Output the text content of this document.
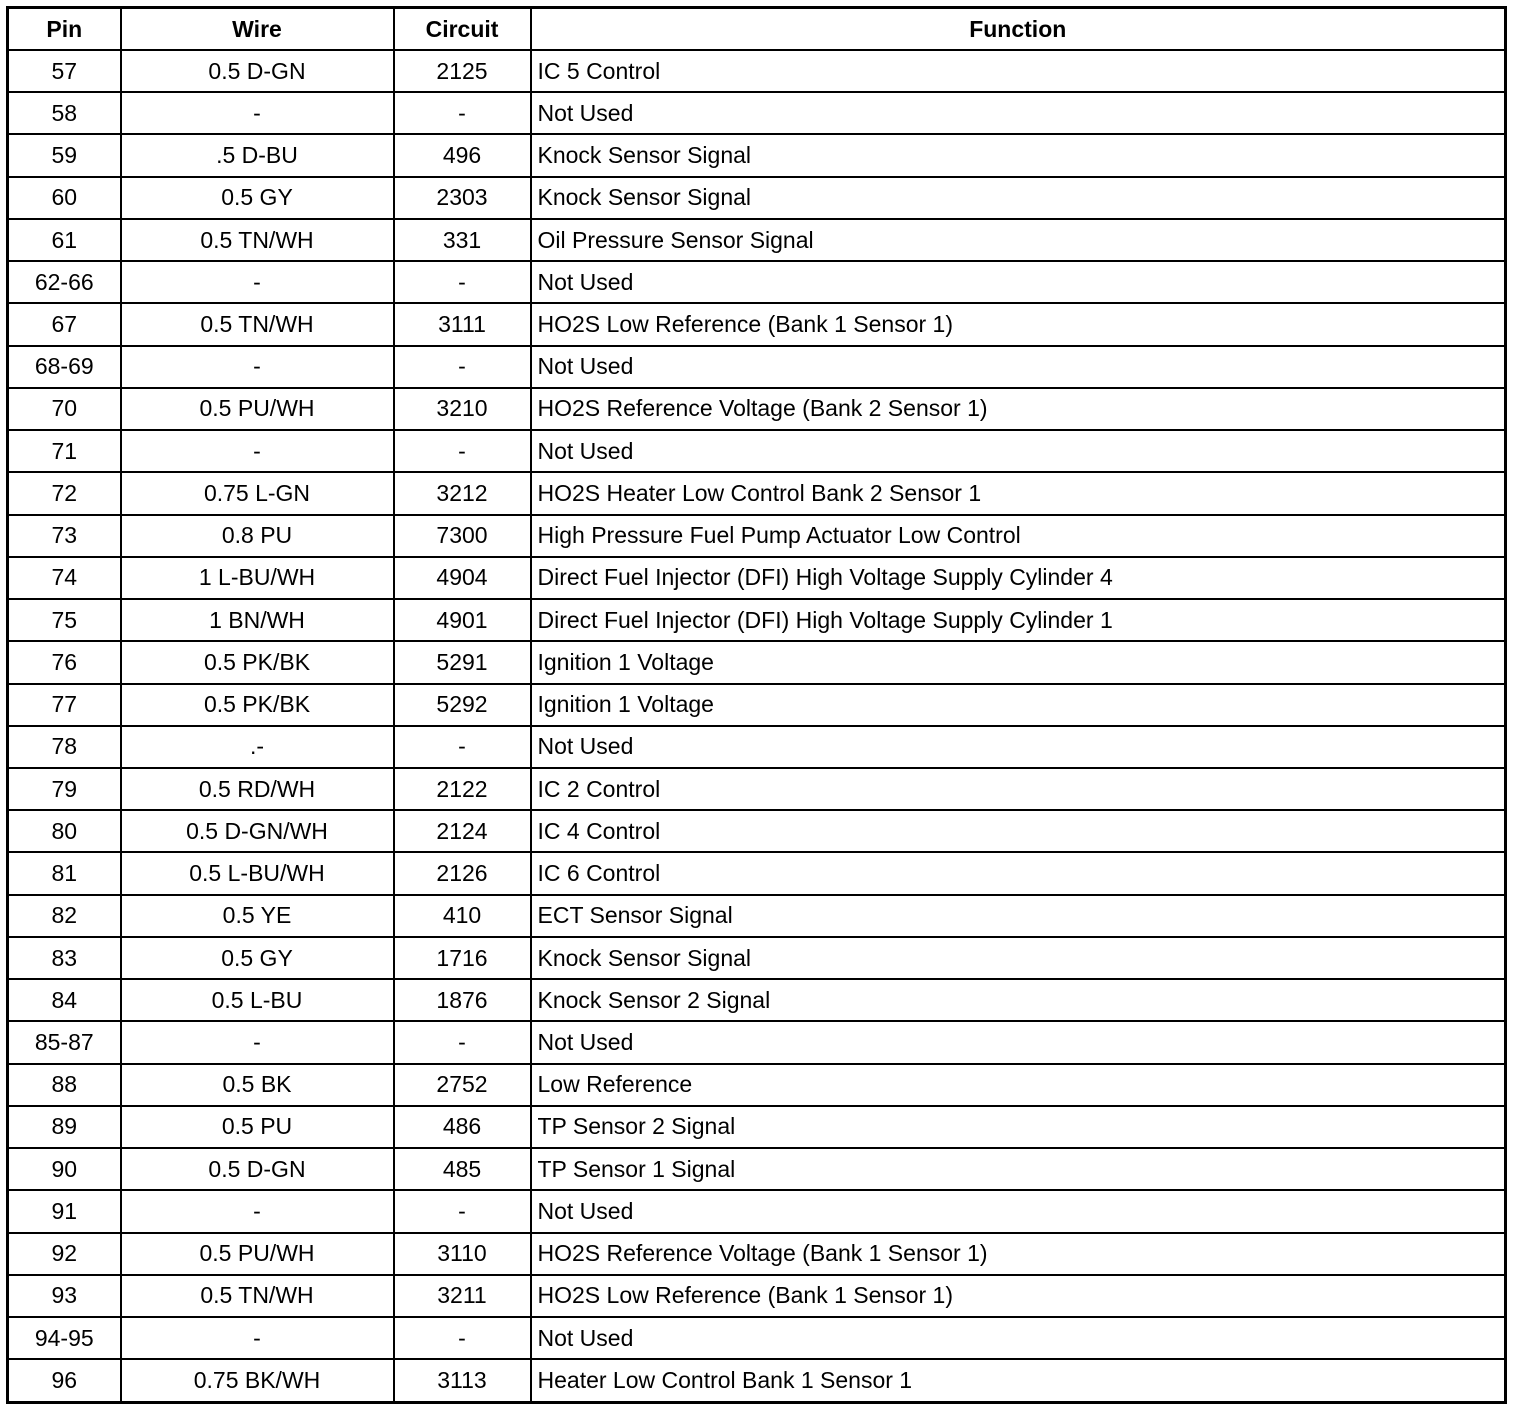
Pin	Wire	Circuit	Function
57	0.5 D-GN	2125	IC 5 Control
58	-	-	Not Used
59	.5 D-BU	496	Knock Sensor Signal
60	0.5 GY	2303	Knock Sensor Signal
61	0.5 TN/WH	331	Oil Pressure Sensor Signal
62-66	-	-	Not Used
67	0.5 TN/WH	3111	HO2S Low Reference (Bank 1 Sensor 1)
68-69	-	-	Not Used
70	0.5 PU/WH	3210	HO2S Reference Voltage (Bank 2 Sensor 1)
71	-	-	Not Used
72	0.75 L-GN	3212	HO2S Heater Low Control Bank 2 Sensor 1
73	0.8 PU	7300	High Pressure Fuel Pump Actuator Low Control
74	1 L-BU/WH	4904	Direct Fuel Injector (DFI) High Voltage Supply Cylinder 4
75	1 BN/WH	4901	Direct Fuel Injector (DFI) High Voltage Supply Cylinder 1
76	0.5 PK/BK	5291	Ignition 1 Voltage
77	0.5 PK/BK	5292	Ignition 1 Voltage
78	.-	-	Not Used
79	0.5 RD/WH	2122	IC 2 Control
80	0.5 D-GN/WH	2124	IC 4 Control
81	0.5 L-BU/WH	2126	IC 6 Control
82	0.5 YE	410	ECT Sensor Signal
83	0.5 GY	1716	Knock Sensor Signal
84	0.5 L-BU	1876	Knock Sensor 2 Signal
85-87	-	-	Not Used
88	0.5 BK	2752	Low Reference
89	0.5 PU	486	TP Sensor 2 Signal
90	0.5 D-GN	485	TP Sensor 1 Signal
91	-	-	Not Used
92	0.5 PU/WH	3110	HO2S Reference Voltage (Bank 1 Sensor 1)
93	0.5 TN/WH	3211	HO2S Low Reference (Bank 1 Sensor 1)
94-95	-	-	Not Used
96	0.75 BK/WH	3113	Heater Low Control Bank 1 Sensor 1
